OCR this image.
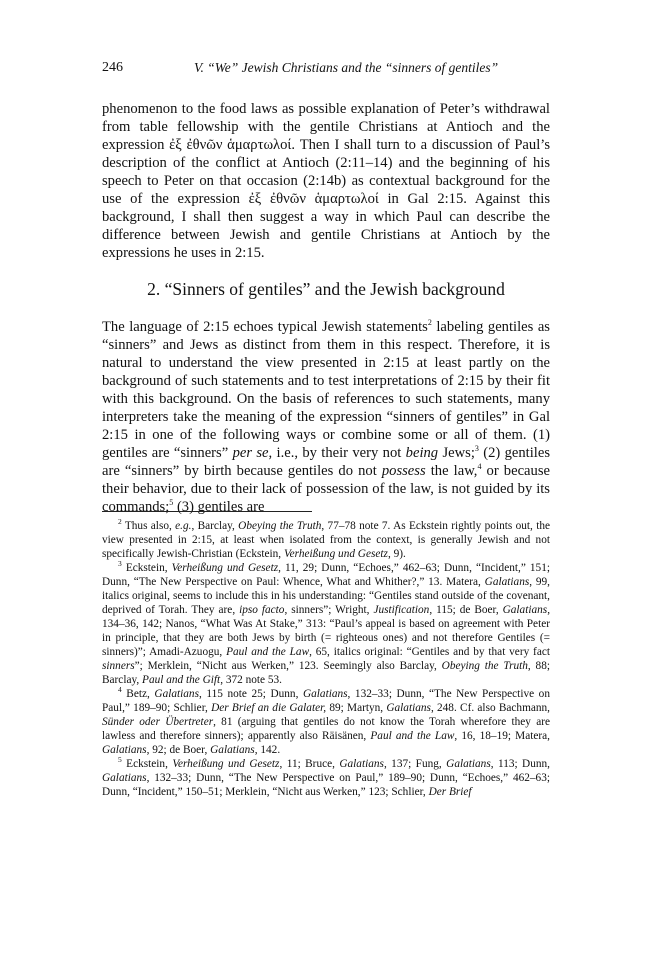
246	V. “We” Jewish Christians and the “sinners of gentiles”

phenomenon to the food laws as possible explanation of Peter’s withdrawal from table fellowship with the gentile Christians at Antioch and the expression ἐξ ἐθνῶν ἁμαρτωλοί. Then I shall turn to a discussion of Paul’s description of the conflict at Antioch (2:11–14) and the beginning of his speech to Peter on that occasion (2:14b) as contextual background for the use of the expression ἐξ ἐθνῶν ἁμαρτωλοί in Gal 2:15. Against this background, I shall then suggest a way in which Paul can describe the difference between Jewish and gentile Christians at Antioch by the expressions he uses in 2:15.

2. “Sinners of gentiles” and the Jewish background

The language of 2:15 echoes typical Jewish statements$^2$ labeling gentiles as “sinners” and Jews as distinct from them in this respect. Therefore, it is natural to understand the view presented in 2:15 at least partly on the background of such statements and to test interpretations of 2:15 by their fit with this background. On the basis of references to such statements, many interpreters take the meaning of the expression “sinners of gentiles” in Gal 2:15 in one of the following ways or combine some or all of them. (1) gentiles are “sinners” per se, i.e., by their very not being Jews;$^3$ (2) gentiles are “sinners” by birth because gentiles do not possess the law,$^4$ or because their behavior, due to their lack of possession of the law, is not guided by its commands;$^5$ (3) gentiles are

$^2$ Thus also, e.g., Barclay, Obeying the Truth, 77–78 note 7. As Eckstein rightly points out, the view presented in 2:15, at least when isolated from the context, is generally Jewish and not specifically Jewish-Christian (Eckstein, Verheißung und Gesetz, 9).

$^3$ Eckstein, Verheißung und Gesetz, 11, 29; Dunn, “Echoes,” 462–63; Dunn, “Incident,” 151; Dunn, “The New Perspective on Paul: Whence, What and Whither?,” 13. Matera, Galatians, 99, italics original, seems to include this in his understanding: “Gentiles stand outside of the covenant, deprived of Torah. They are, ipso facto, sinners”; Wright, Justification, 115; de Boer, Galatians, 134–36, 142; Nanos, “What Was At Stake,” 313: “Paul’s appeal is based on agreement with Peter in principle, that they are both Jews by birth (= righteous ones) and not therefore Gentiles (= sinners)”; Amadi-Azuogu, Paul and the Law, 65, italics original: “Gentiles and by that very fact sinners”; Merklein, “Nicht aus Werken,” 123. Seemingly also Barclay, Obeying the Truth, 88; Barclay, Paul and the Gift, 372 note 53.

$^4$ Betz, Galatians, 115 note 25; Dunn, Galatians, 132–33; Dunn, “The New Perspective on Paul,” 189–90; Schlier, Der Brief an die Galater, 89; Martyn, Galatians, 248. Cf. also Bachmann, Sünder oder Übertreter, 81 (arguing that gentiles do not know the Torah wherefore they are lawless and therefore sinners); apparently also Räisänen, Paul and the Law, 16, 18–19; Matera, Galatians, 92; de Boer, Galatians, 142.

$^5$ Eckstein, Verheißung und Gesetz, 11; Bruce, Galatians, 137; Fung, Galatians, 113; Dunn, Galatians, 132–33; Dunn, “The New Perspective on Paul,” 189–90; Dunn, “Echoes,” 462–63; Dunn, “Incident,” 150–51; Merklein, “Nicht aus Werken,” 123; Schlier, Der Brief
